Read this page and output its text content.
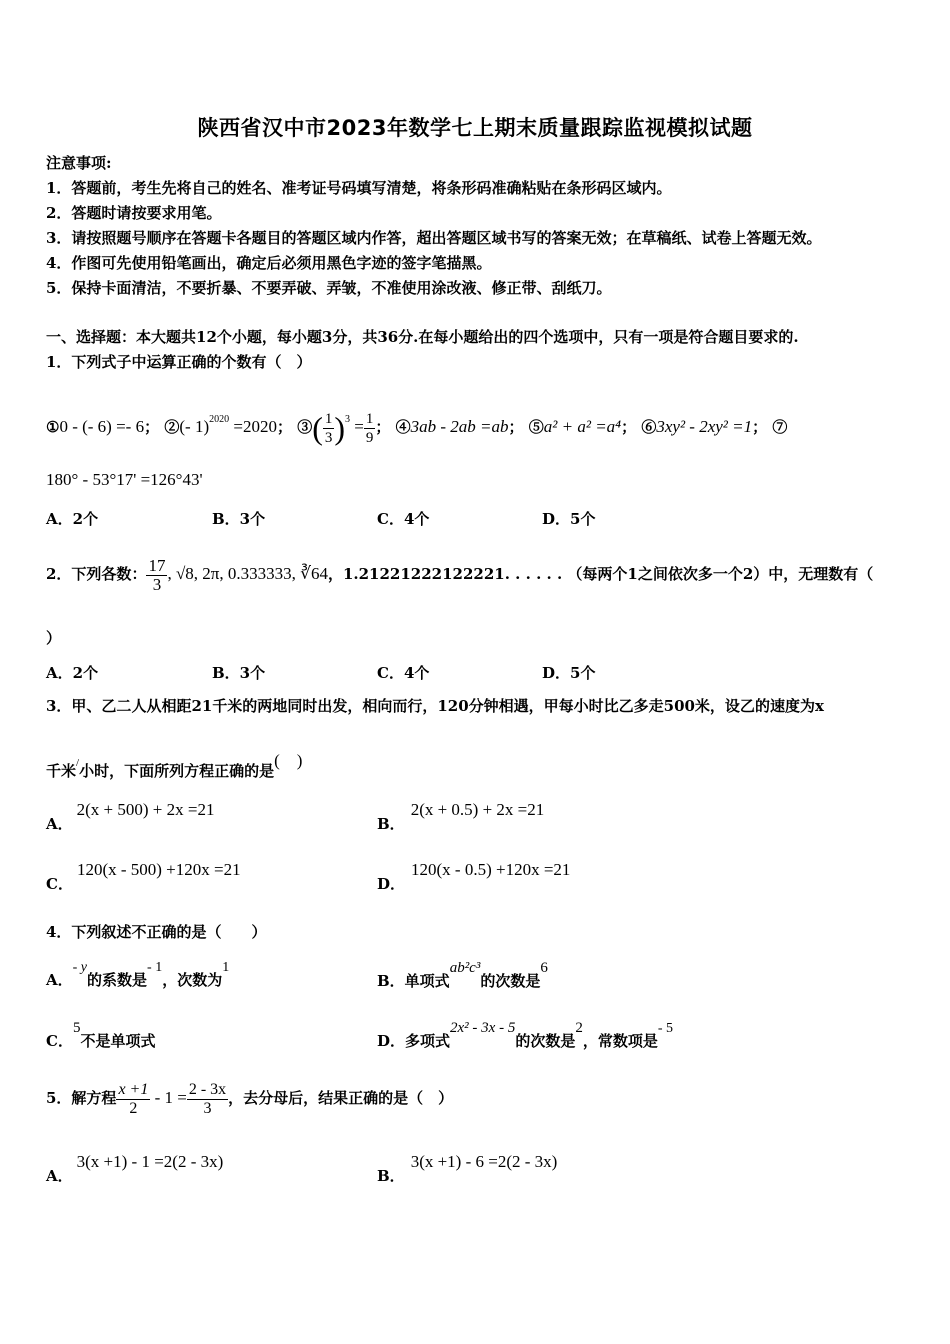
陕西省汉中市2023年数学七上期末质量跟踪监视模拟试题
注意事项:
1．答题前，考生先将自己的姓名、准考证号码填写清楚，将条形码准确粘贴在条形码区域内。
2．答题时请按要求用笔。
3．请按照题号顺序在答题卡各题目的答题区域内作答，超出答题区域书写的答案无效；在草稿纸、试卷上答题无效。
4．作图可先使用铅笔画出，确定后必须用黑色字迹的签字笔描黑。
5．保持卡面清洁，不要折暴、不要弄破、弄皱，不准使用涂改液、修正带、刮纸刀。
一、选择题：本大题共12个小题，每小题3分，共36分.在每小题给出的四个选项中，只有一项是符合题目要求的.
1．下列式子中运算正确的个数有（　）
①0 - (- 6) =- 6； ②(- 1)$^{2020}$ =2020； ③( $\frac{1}{3} )^3 = \frac{1}{9}$ ； ④3ab - 2ab =ab； ⑤a² + a² =a⁴； ⑥3xy² - 2xy² =1； ⑦
180° - 53°17' =126°43'
A．2个	B．3个	C．4个	D．5个
2．下列各数： $\frac{17}{3}$ , √8, 2π, 0.333333, ∛64，1.21221222122221. . . . . . （每两个1之间依次多一个2）中，无理数有（
）
A．2个	B．3个	C．4个	D．5个
3．甲、乙二人从相距21千米的两地同时出发，相向而行，120分钟相遇，甲每小时比乙多走500米，设乙的速度为x
千米/小时，下面所列方程正确的是(　)
A．2(x + 500) + 2x =21
B．2(x + 0.5) + 2x =21
C．120(x - 500) +120x =21
D．120(x - 0.5) +120x =21
4．下列叙述不正确的是（　　）
A．- y的系数是- 1，次数为1
B．单项式ab²c³的次数是6
C．5不是单项式	D．多项式2x² - 3x - 5的次数是2，常数项是- 5
5．解方程 $\frac{x +1}{2} - 1 = \frac{2 - 3x}{3}$ ，去分母后，结果正确的是（　）
A．3(x +1) - 1 =2(2 - 3x)
B．3(x +1) - 6 =2(2 - 3x)
